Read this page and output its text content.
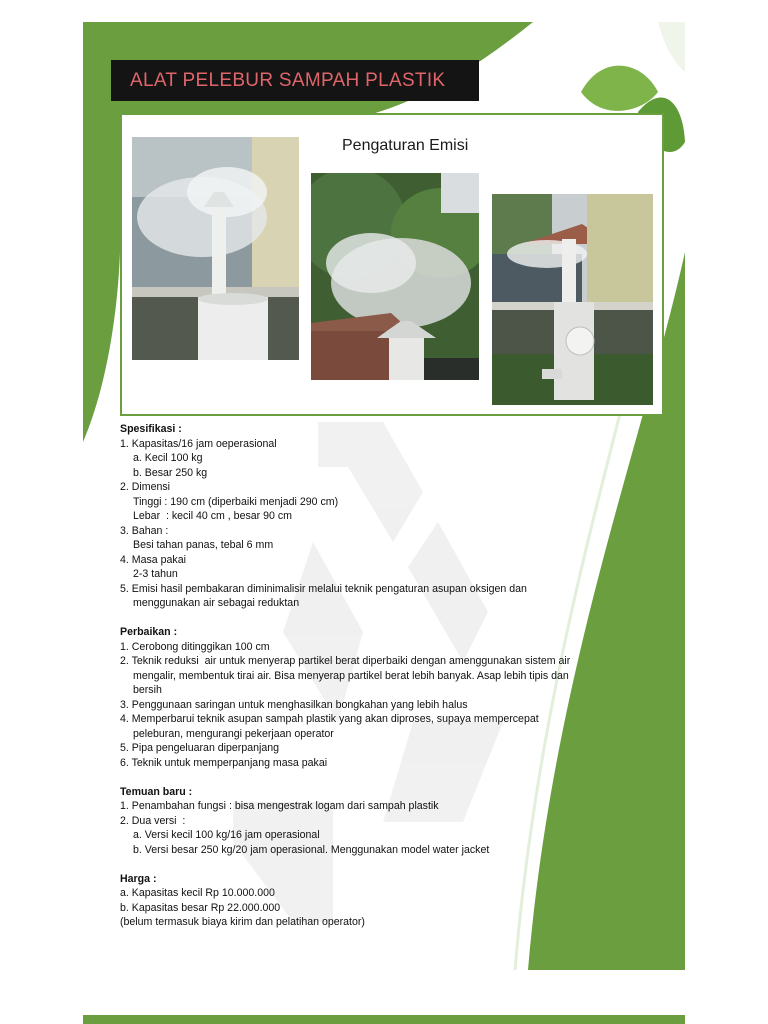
ALAT PELEBUR SAMPAH PLASTIK
Pengaturan Emisi
Spesifikasi :
1. Kapasitas/16 jam oeperasional
a. Kecil 100 kg
b. Besar 250 kg
2. Dimensi
Tinggi : 190 cm (diperbaiki menjadi 290 cm)
Lebar  : kecil 40 cm , besar 90 cm
3. Bahan :
Besi tahan panas, tebal 6 mm
4. Masa pakai
2-3 tahun
5. Emisi hasil pembakaran diminimalisir melalui teknik pengaturan asupan oksigen dan
menggunakan air sebagai reduktan
Perbaikan :
1. Cerobong ditinggikan 100 cm
2. Teknik reduksi  air untuk menyerap partikel berat diperbaiki dengan amenggunakan sistem air
mengalir, membentuk tirai air. Bisa menyerap partikel berat lebih banyak. Asap lebih tipis dan
bersih
3. Penggunaan saringan untuk menghasilkan bongkahan yang lebih halus
4. Memperbarui teknik asupan sampah plastik yang akan diproses, supaya mempercepat
peleburan, mengurangi pekerjaan operator
5. Pipa pengeluaran diperpanjang
6. Teknik untuk memperpanjang masa pakai
Temuan baru :
1. Penambahan fungsi : bisa mengestrak logam dari sampah plastik
2. Dua versi  :
a. Versi kecil 100 kg/16 jam operasional
b. Versi besar 250 kg/20 jam operasional. Menggunakan model water jacket
Harga :
a. Kapasitas kecil Rp 10.000.000
b. Kapasitas besar Rp 22.000.000
(belum termasuk biaya kirim dan pelatihan operator)
